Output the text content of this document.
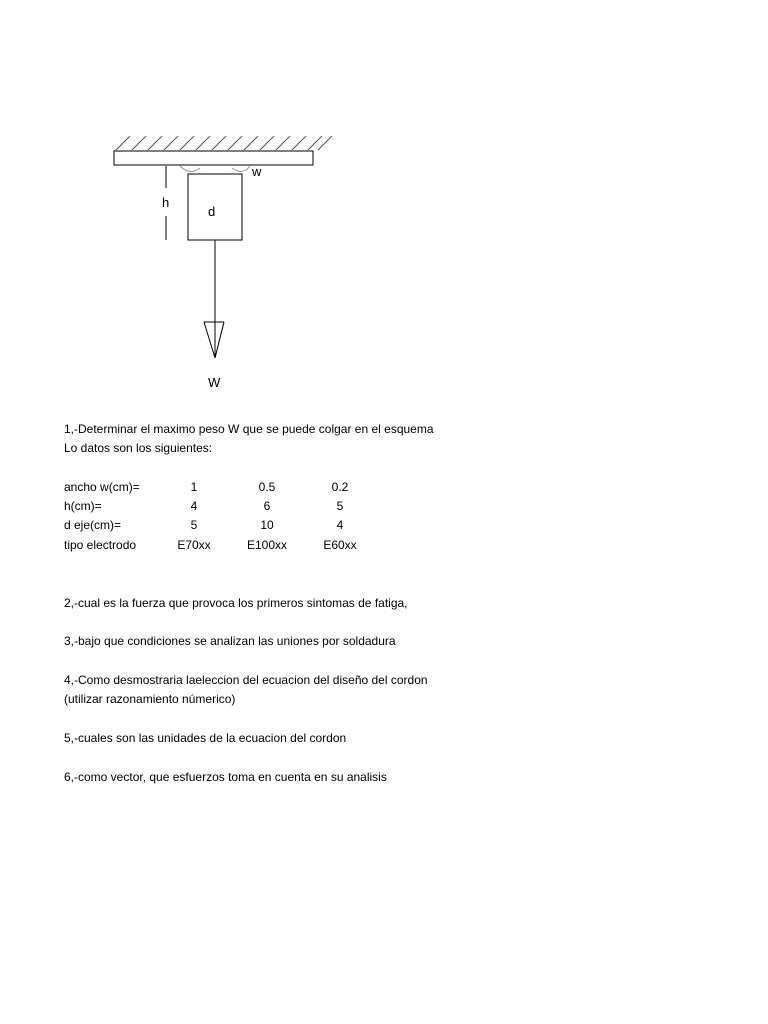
h
d
w
W
1,-Determinar el maximo peso W que se puede colgar en el esquema
Lo datos son los siguientes:
ancho w(cm)=	1	0.5	0.2
h(cm)=	4	6	5
d eje(cm)=	5	10	4
tipo electrodo	E70xx	E100xx	E60xx
2,-cual es la fuerza que provoca los primeros sintomas de fatiga,
3,-bajo que condiciones se analizan las uniones por soldadura
4,-Como desmostraria laeleccion del ecuacion del diseño del cordon
(utilizar razonamiento númerico)
5,-cuales son las unidades de la ecuacion del cordon
6,-como vector, que esfuerzos toma en cuenta en su analisis
